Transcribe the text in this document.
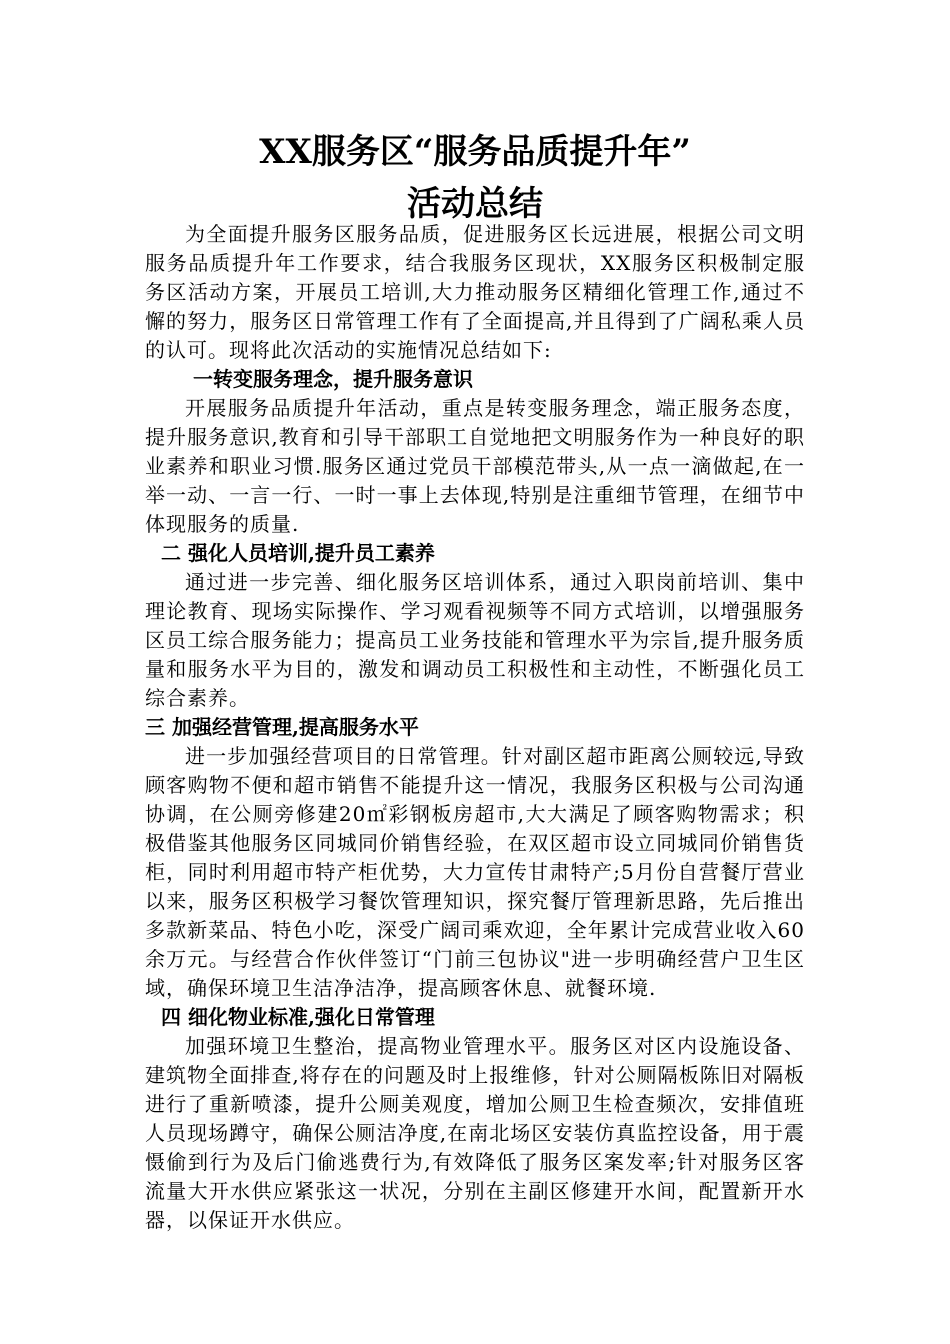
XX服务区“服务品质提升年”
活动总结

为全面提升服务区服务品质，促进服务区长远进展，根据公司文明服务品质提升年工作要求，结合我服务区现状，XX服务区积极制定服务区活动方案，开展员工培训,大力推动服务区精细化管理工作,通过不懈的努力，服务区日常管理工作有了全面提高,并且得到了广阔私乘人员的认可。现将此次活动的实施情况总结如下:

一转变服务理念，提升服务意识

开展服务品质提升年活动，重点是转变服务理念，端正服务态度，提升服务意识,教育和引导干部职工自觉地把文明服务作为一种良好的职业素养和职业习惯.服务区通过党员干部模范带头,从一点一滴做起,在一举一动、一言一行、一时一事上去体现,特别是注重细节管理，在细节中体现服务的质量.

二 强化人员培训,提升员工素养

通过进一步完善、细化服务区培训体系，通过入职岗前培训、集中理论教育、现场实际操作、学习观看视频等不同方式培训，以增强服务区员工综合服务能力；提高员工业务技能和管理水平为宗旨,提升服务质量和服务水平为目的，激发和调动员工积极性和主动性，不断强化员工综合素养。

三 加强经营管理,提高服务水平

进一步加强经营项目的日常管理。针对副区超市距离公厕较远,导致顾客购物不便和超市销售不能提升这一情况，我服务区积极与公司沟通协调，在公厕旁修建20㎡彩钢板房超市,大大满足了顾客购物需求；积极借鉴其他服务区同城同价销售经验，在双区超市设立同城同价销售货柜，同时利用超市特产柜优势，大力宣传甘肃特产;5月份自营餐厅营业以来，服务区积极学习餐饮管理知识，探究餐厅管理新思路，先后推出多款新菜品、特色小吃，深受广阔司乘欢迎，全年累计完成营业收入60余万元。与经营合作伙伴签订“门前三包协议"进一步明确经营户卫生区域，确保环境卫生洁净洁净，提高顾客休息、就餐环境.

四 细化物业标准,强化日常管理

加强环境卫生整治，提高物业管理水平。服务区对区内设施设备、建筑物全面排查,将存在的问题及时上报维修，针对公厕隔板陈旧对隔板进行了重新喷漆，提升公厕美观度，增加公厕卫生检查频次，安排值班人员现场蹲守，确保公厕洁净度,在南北场区安装仿真监控设备，用于震慑偷到行为及后门偷逃费行为,有效降低了服务区案发率;针对服务区客流量大开水供应紧张这一状况，分别在主副区修建开水间，配置新开水器，以保证开水供应。
